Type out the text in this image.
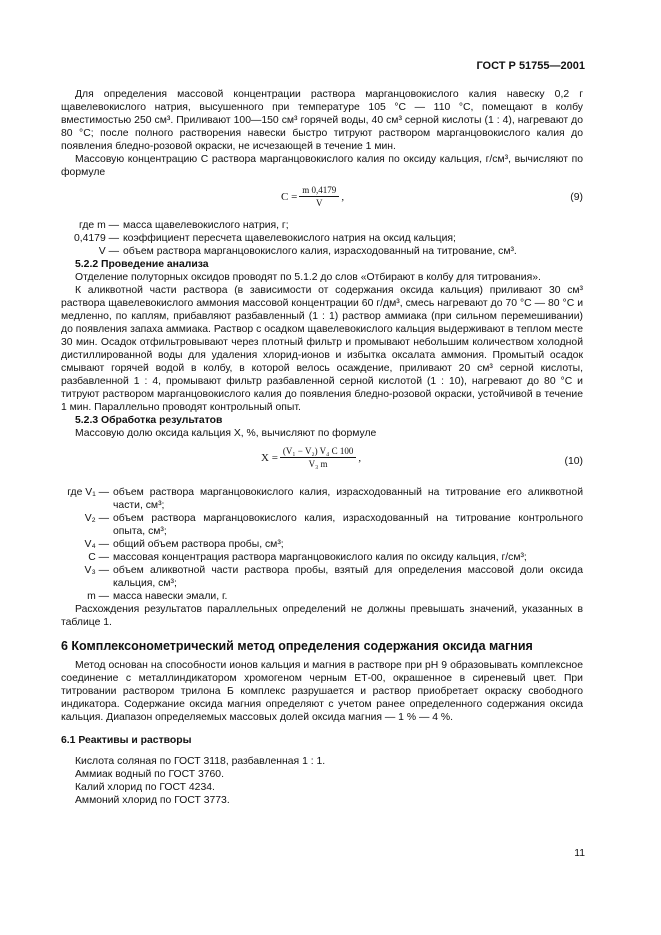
ГОСТ Р 51755—2001

Для определения массовой концентрации раствора марганцовокислого калия навеску 0,2 г щавелевокислого натрия, высушенного при температуре 105 °С — 110 °С, помещают в колбу вместимостью 250 см³. Приливают 100—150 см³ горячей воды, 40 см³ серной кислоты (1 : 4), нагревают до 80 °С; после полного растворения навески быстро титруют раствором марганцовокислого калия до появления бледно-розовой окраски, не исчезающей в течение 1 мин.

Массовую концентрацию С раствора марганцовокислого калия по оксиду кальция, г/см³, вычисляют по формуле

$C = \frac{m 0,4179}{V}$ ,	(9)
где m — масса щавелевокислого натрия, г;
0,4179 — коэффициент пересчета щавелевокислого натрия на оксид кальция;
V — объем раствора марганцовокислого калия, израсходованный на титрование, см³.

5.2.2 Проведение анализа

Отделение полуторных оксидов проводят по 5.1.2 до слов «Отбирают в колбу для титрования».

К аликвотной части раствора (в зависимости от содержания оксида кальция) приливают 30 см³ раствора щавелевокислого аммония массовой концентрации 60 г/дм³, смесь нагревают до 70 °С — 80 °С и медленно, по каплям, прибавляют разбавленный (1 : 1) раствор аммиака (при сильном перемешивании) до появления запаха аммиака. Раствор с осадком щавелевокислого кальция выдерживают в теплом месте 30 мин. Осадок отфильтровывают через плотный фильтр и промывают небольшим количеством холодной дистиллированной воды для удаления хлорид-ионов и избытка оксалата аммония. Промытый осадок смывают горячей водой в колбу, в которой велось осаждение, приливают 20 см³ серной кислоты, разбавленной 1 : 4, промывают фильтр разбавленной серной кислотой (1 : 10), нагревают до 80 °С и титруют раствором марганцовокислого калия до появления бледно-розовой окраски, устойчивой в течение 1 мин. Параллельно проводят контрольный опыт.

5.2.3 Обработка результатов

Массовую долю оксида кальция X, %, вычисляют по формуле

$X = \frac{\text{(V₁ − V₂) V₄ C 100}}{\text{V₃ m}}$ ,	(10)
где V₁ — объем раствора марганцовокислого калия, израсходованный на титрование его аликвотной части, см³;
V₂ — объем раствора марганцовокислого калия, израсходованный на титрование контрольного опыта, см³;
V₄ — общий объем раствора пробы, см³;
C — массовая концентрация раствора марганцовокислого калия по оксиду кальция, г/см³;
V₃ — объем аликвотной части раствора пробы, взятый для определения массовой доли оксида кальция, см³;
m — масса навески эмали, г.

Расхождения результатов параллельных определений не должны превышать значений, указанных в таблице 1.

6 Комплексонометрический метод определения содержания оксида магния

Метод основан на способности ионов кальция и магния в растворе при рН 9 образовывать комплексное соединение с металлиндикатором хромогеном черным ЕТ-00, окрашенное в сиреневый цвет. При титровании раствором трилона Б комплекс разрушается и раствор приобретает окраску свободного индикатора. Содержание оксида магния определяют с учетом ранее определенного содержания оксида кальция. Диапазон определяемых массовых долей оксида магния — 1 % — 4 %.

6.1 Реактивы и растворы

Кислота соляная по ГОСТ 3118, разбавленная 1 : 1.

Аммиак водный по ГОСТ 3760.

Калий хлорид по ГОСТ 4234.

Аммоний хлорид по ГОСТ 3773.

11
